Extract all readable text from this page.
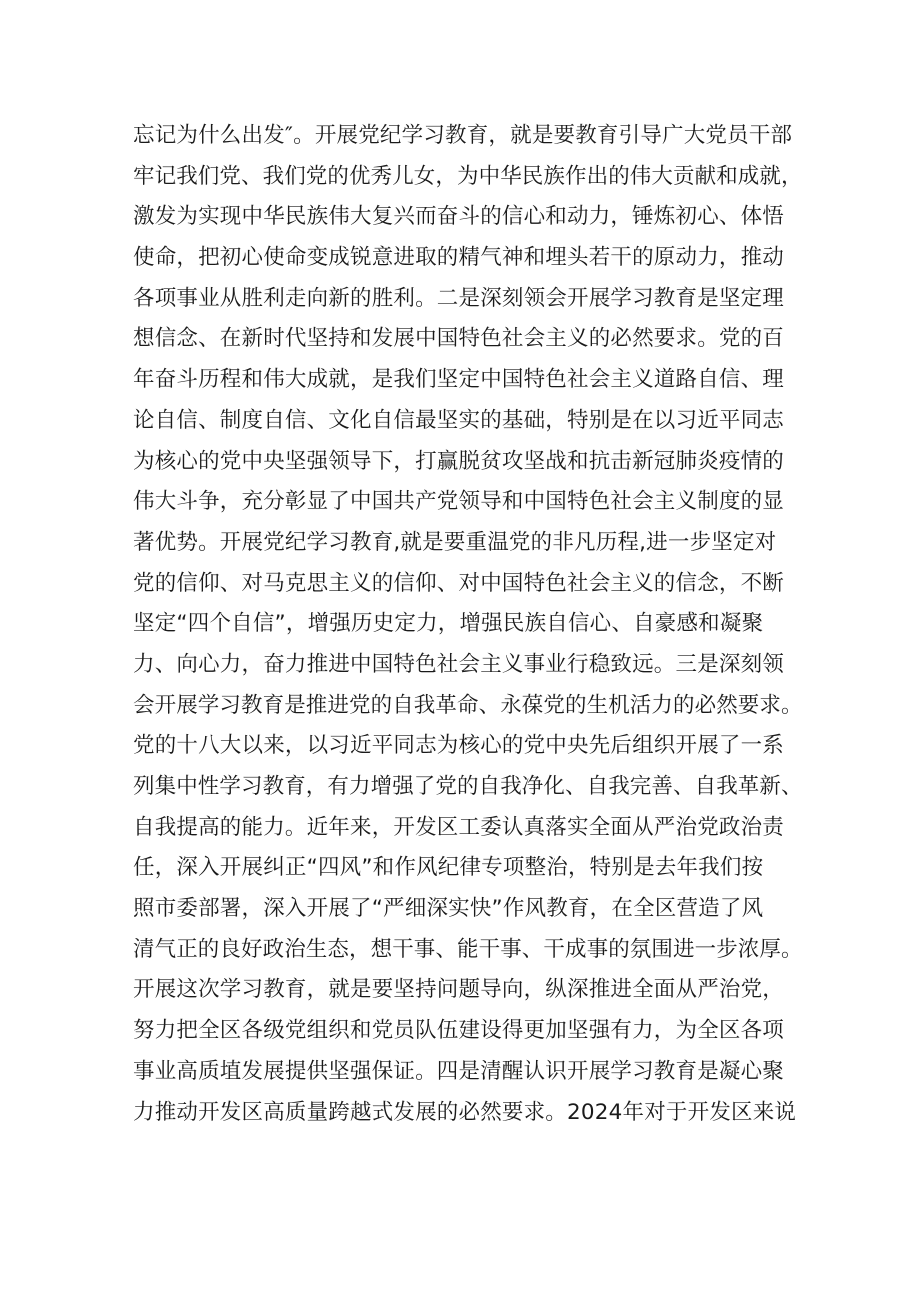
忘记为什么出发″。开展党纪学习教育，就是要教育引导广大党员干部
牢记我们党、我们党的优秀儿女，为中华民族作出的伟大贡献和成就，
激发为实现中华民族伟大复兴而奋斗的信心和动力，锤炼初心、体悟
使命，把初心使命变成锐意进取的精气神和埋头若干的原动力，推动
各项事业从胜利走向新的胜利。二是深刻领会开展学习教育是坚定理
想信念、在新时代坚持和发展中国特色社会主义的必然要求。党的百
年奋斗历程和伟大成就，是我们坚定中国特色社会主义道路自信、理
论自信、制度自信、文化自信最坚实的基础，特别是在以习近平同志
为核心的党中央坚强领导下，打赢脱贫攻坚战和抗击新冠肺炎疫情的
伟大斗争，充分彰显了中国共产党领导和中国特色社会主义制度的显
著优势。开展党纪学习教育,就是要重温党的非凡历程,进一步坚定对
党的信仰、对马克思主义的信仰、对中国特色社会主义的信念，不断
坚定“四个自信”，增强历史定力，增强民族自信心、自豪感和凝聚
力、向心力，奋力推进中国特色社会主义事业行稳致远。三是深刻领
会开展学习教育是推进党的自我革命、永葆党的生机活力的必然要求。
党的十八大以来，以习近平同志为核心的党中央先后组织开展了一系
列集中性学习教育，有力增强了党的自我净化、自我完善、自我革新、
自我提高的能力。近年来，开发区工委认真落实全面从严治党政治责
任，深入开展纠正“四风”和作风纪律专项整治，特别是去年我们按
照市委部署，深入开展了“严细深实快”作风教育，在全区营造了风
清气正的良好政治生态，想干事、能干事、干成事的氛围进一步浓厚。
开展这次学习教育，就是要坚持问题导向，纵深推进全面从严治党，
努力把全区各级党组织和党员队伍建设得更加坚强有力，为全区各项
事业高质埴发展提供坚强保证。四是清醒认识开展学习教育是凝心聚
力推动开发区高质量跨越式发展的必然要求。2024年对于开发区来说
